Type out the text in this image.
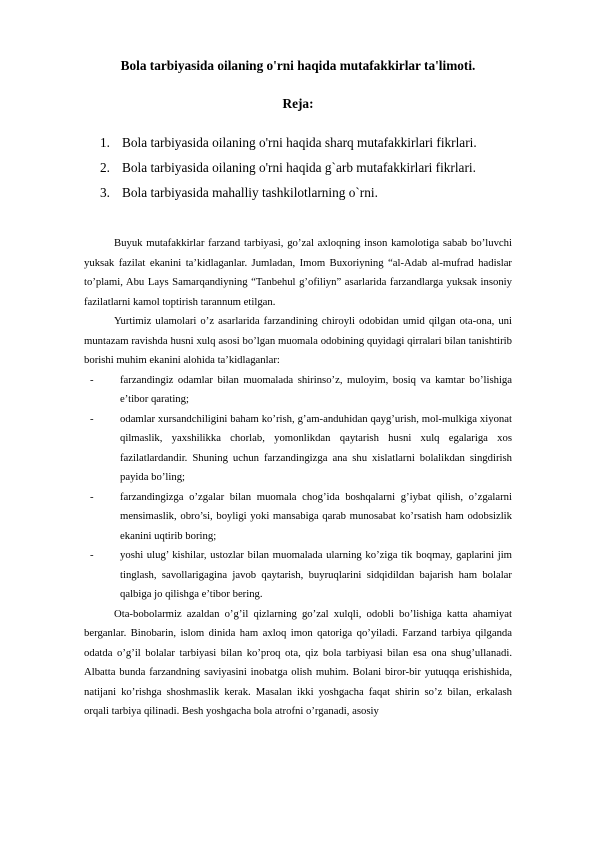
Bola tarbiyasida oilaning o'rni haqida mutafakkirlar ta'limoti.
Reja:
1. Bola tarbiyasida oilaning o'rni haqida sharq mutafakkirlari fikrlari.
2. Bola tarbiyasida oilaning o'rni haqida g`arb mutafakkirlari fikrlari.
3. Bola tarbiyasida mahalliy tashkilotlarning o`rni.

Buyuk mutafakkirlar farzand tarbiyasi, go’zal axloqning inson kamolotiga sabab bo’luvchi yuksak fazilat ekanini ta’kidlaganlar. Jumladan, Imom Buxoriyning “al-Adab al-mufrad hadislar to’plami, Abu Lays Samarqandiyning “Tanbehul g’ofiliyn” asarlarida farzandlarga yuksak insoniy fazilatlarni kamol toptirish tarannum etilgan.

Yurtimiz ulamolari o’z asarlarida farzandining chiroyli odobidan umid qilgan ota-ona, uni muntazam ravishda husni xulq asosi bo’lgan muomala odobining quyidagi qirralari bilan tanishtirib borishi muhim ekanini alohida ta’kidlaganlar:

- farzandingiz odamlar bilan muomalada shirinso’z, muloyim, bosiq va kamtar bo’lishiga e’tibor qarating;
- odamlar xursandchiligini baham ko’rish, g’am-anduhidan qayg’urish, mol-mulkiga xiyonat qilmaslik, yaxshilikka chorlab, yomonlikdan qaytarish husni xulq egalariga xos fazilatlardandir. Shuning uchun farzandingizga ana shu xislatlarni bolalikdan singdirish payida bo’ling;
- farzandingizga o’zgalar bilan muomala chog’ida boshqalarni g’iybat qilish, o’zgalarni mensimaslik, obro’si, boyligi yoki mansabiga qarab munosabat ko’rsatish ham odobsizlik ekanini uqtirib boring;
- yoshi ulug’ kishilar, ustozlar bilan muomalada ularning ko’ziga tik boqmay, gaplarini jim tinglash, savollarigagina javob qaytarish, buyruqlarini sidqidildan bajarish ham bolalar qalbiga jo qilishga e’tibor bering.

Ota-bobolarmiz azaldan o’g’il qizlarning go’zal xulqli, odobli bo’lishiga katta ahamiyat berganlar. Binobarin, islom dinida ham axloq imon qatoriga qo’yiladi. Farzand tarbiya qilganda odatda o’g’il bolalar tarbiyasi bilan ko’proq ota, qiz bola tarbiyasi bilan esa ona shug’ullanadi. Albatta bunda farzandning saviyasini inobatga olish muhim. Bolani biror-bir yutuqqa erishishida, natijani ko’rishga shoshmaslik kerak. Masalan ikki yoshgacha faqat shirin so’z bilan, erkalash orqali tarbiya qilinadi. Besh yoshgacha bola atrofni o’rganadi, asosiy
